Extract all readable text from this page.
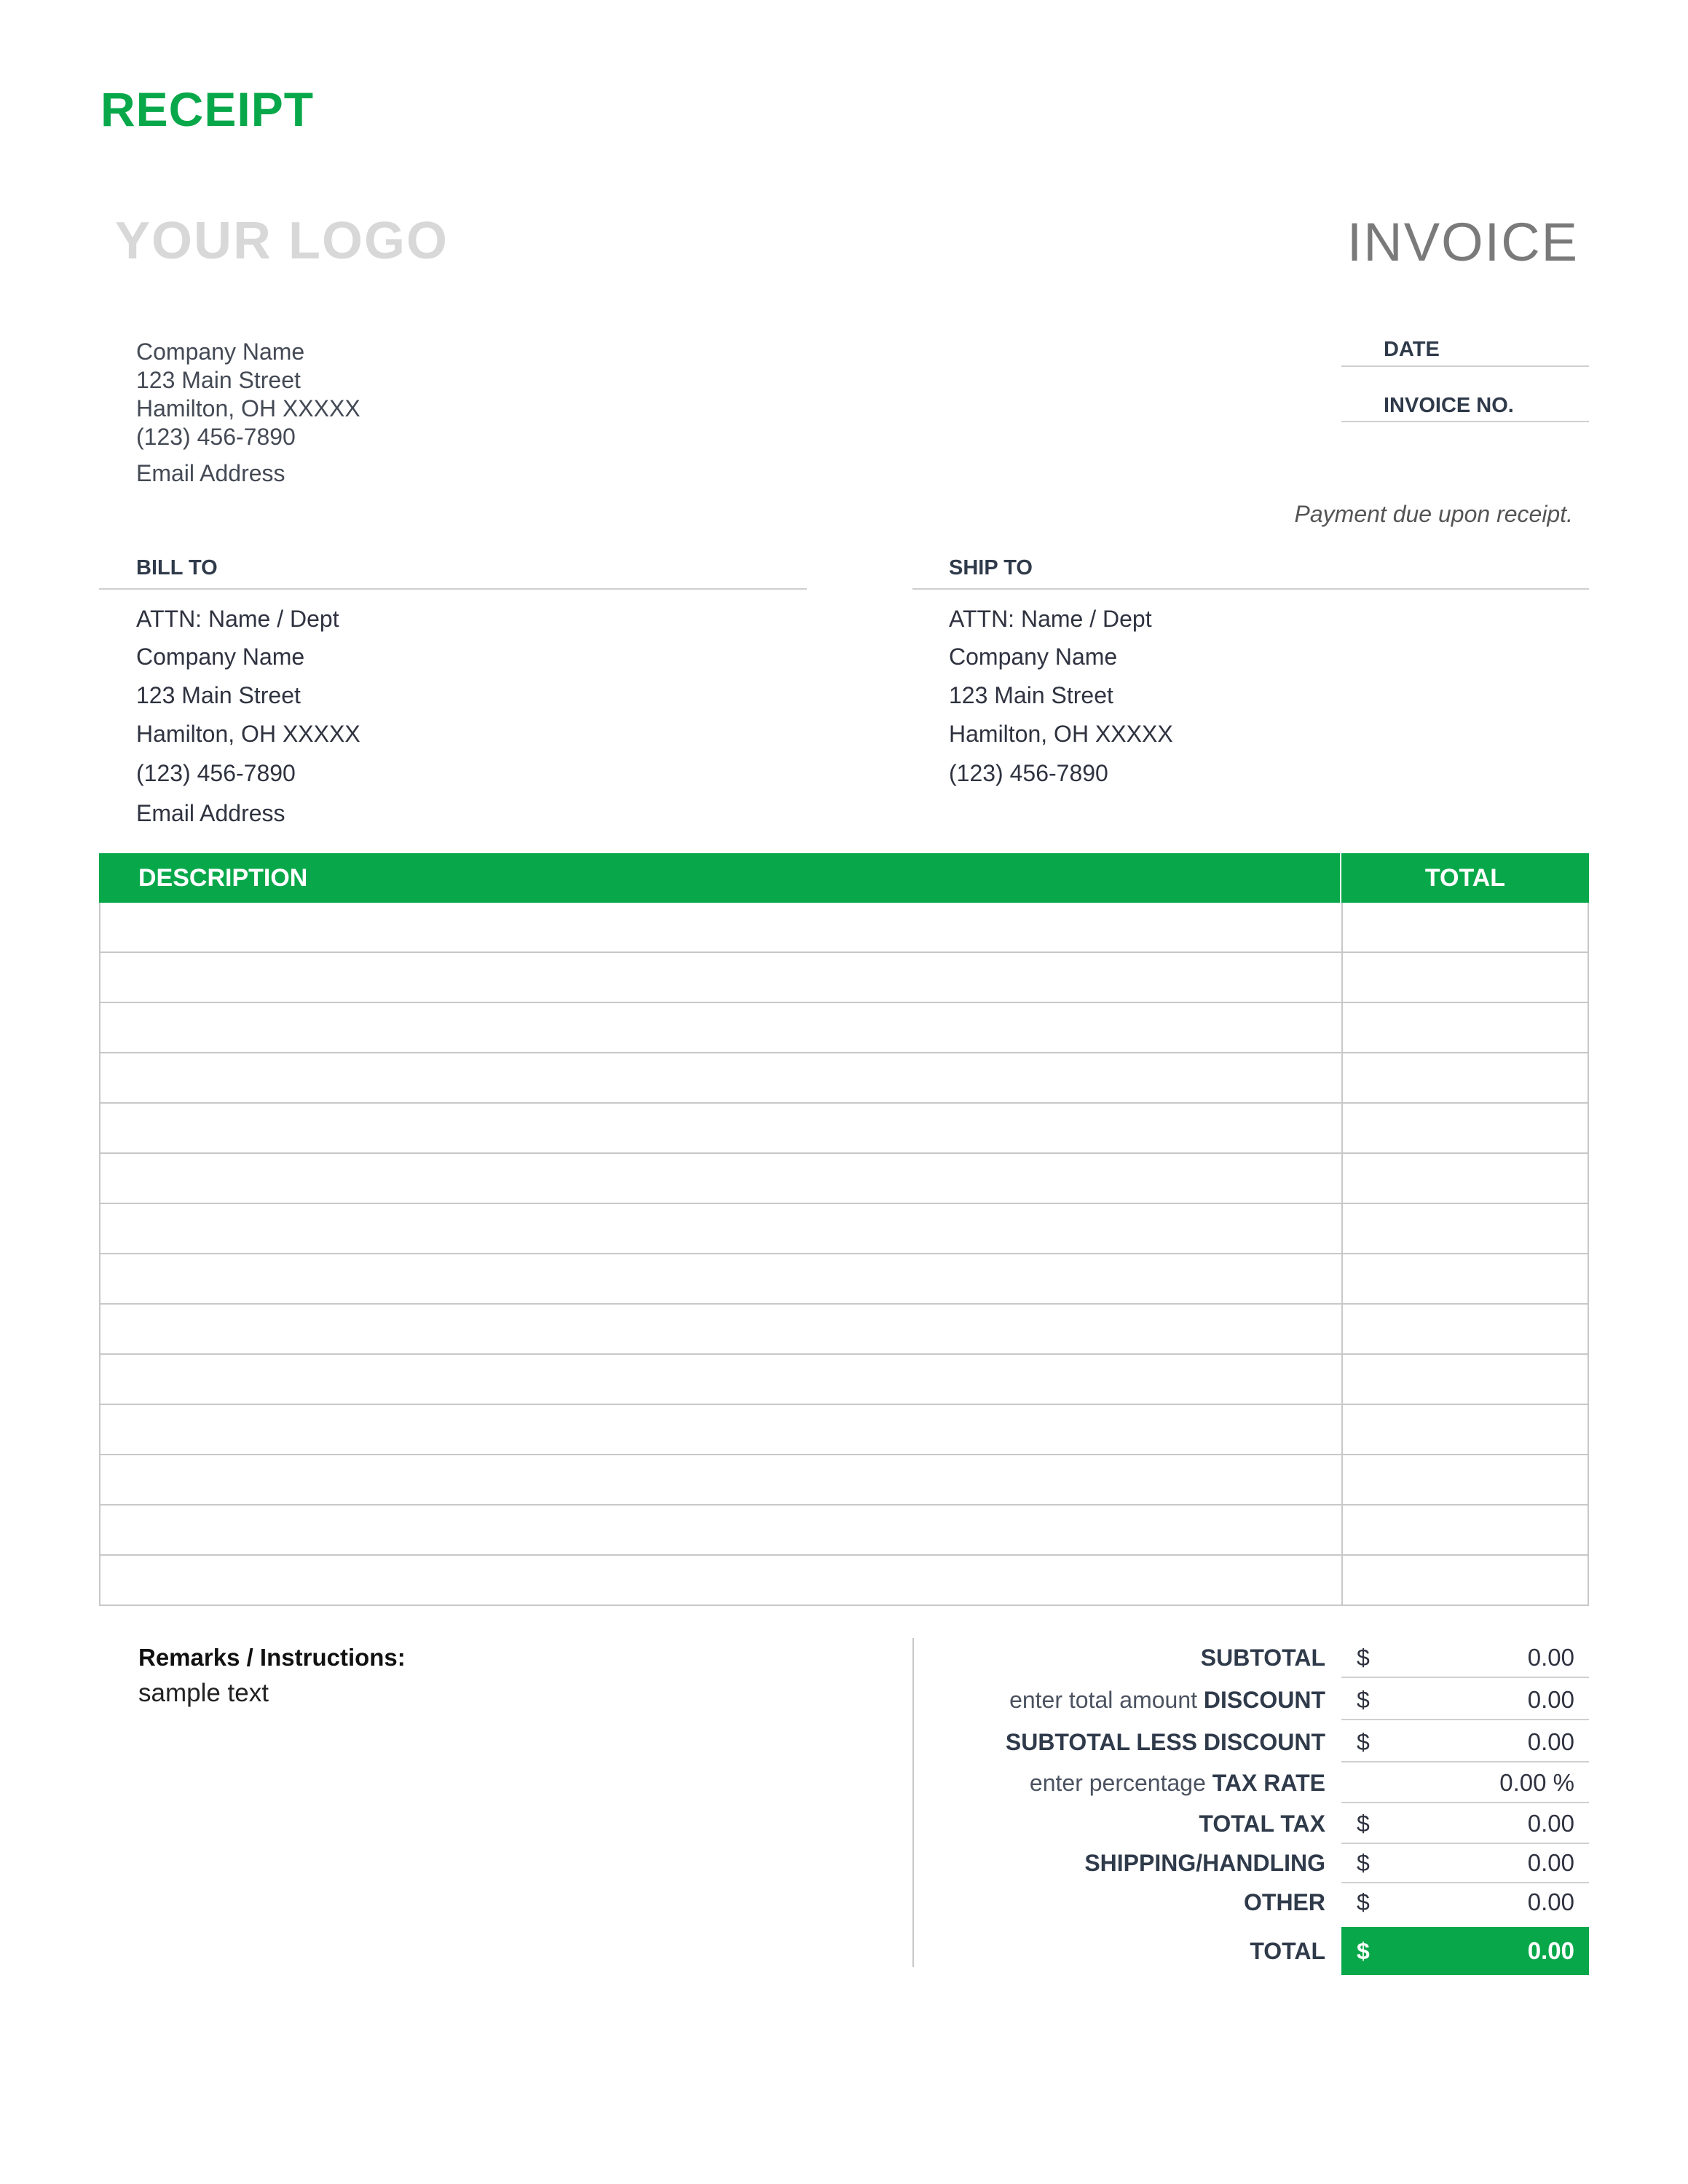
RECEIPT
YOUR LOGO	INVOICE
Company Name
123 Main Street
Hamilton, OH XXXXX
(123) 456-7890
Email Address
DATE
INVOICE NO.
Payment due upon receipt.
BILL TO
ATTN: Name / Dept
Company Name
123 Main Street
Hamilton, OH XXXXX
(123) 456-7890
Email Address
SHIP TO
ATTN: Name / Dept
Company Name
123 Main Street
Hamilton, OH XXXXX
(123) 456-7890
DESCRIPTION	TOTAL
Remarks / Instructions:
sample text
SUBTOTAL $	0.00
enter total amount DISCOUNT $	0.00
SUBTOTAL LESS DISCOUNT $	0.00
enter percentage TAX RATE	0.00 %
TOTAL TAX $	0.00
SHIPPING/HANDLING $	0.00
OTHER $	0.00
TOTAL $	0.00
